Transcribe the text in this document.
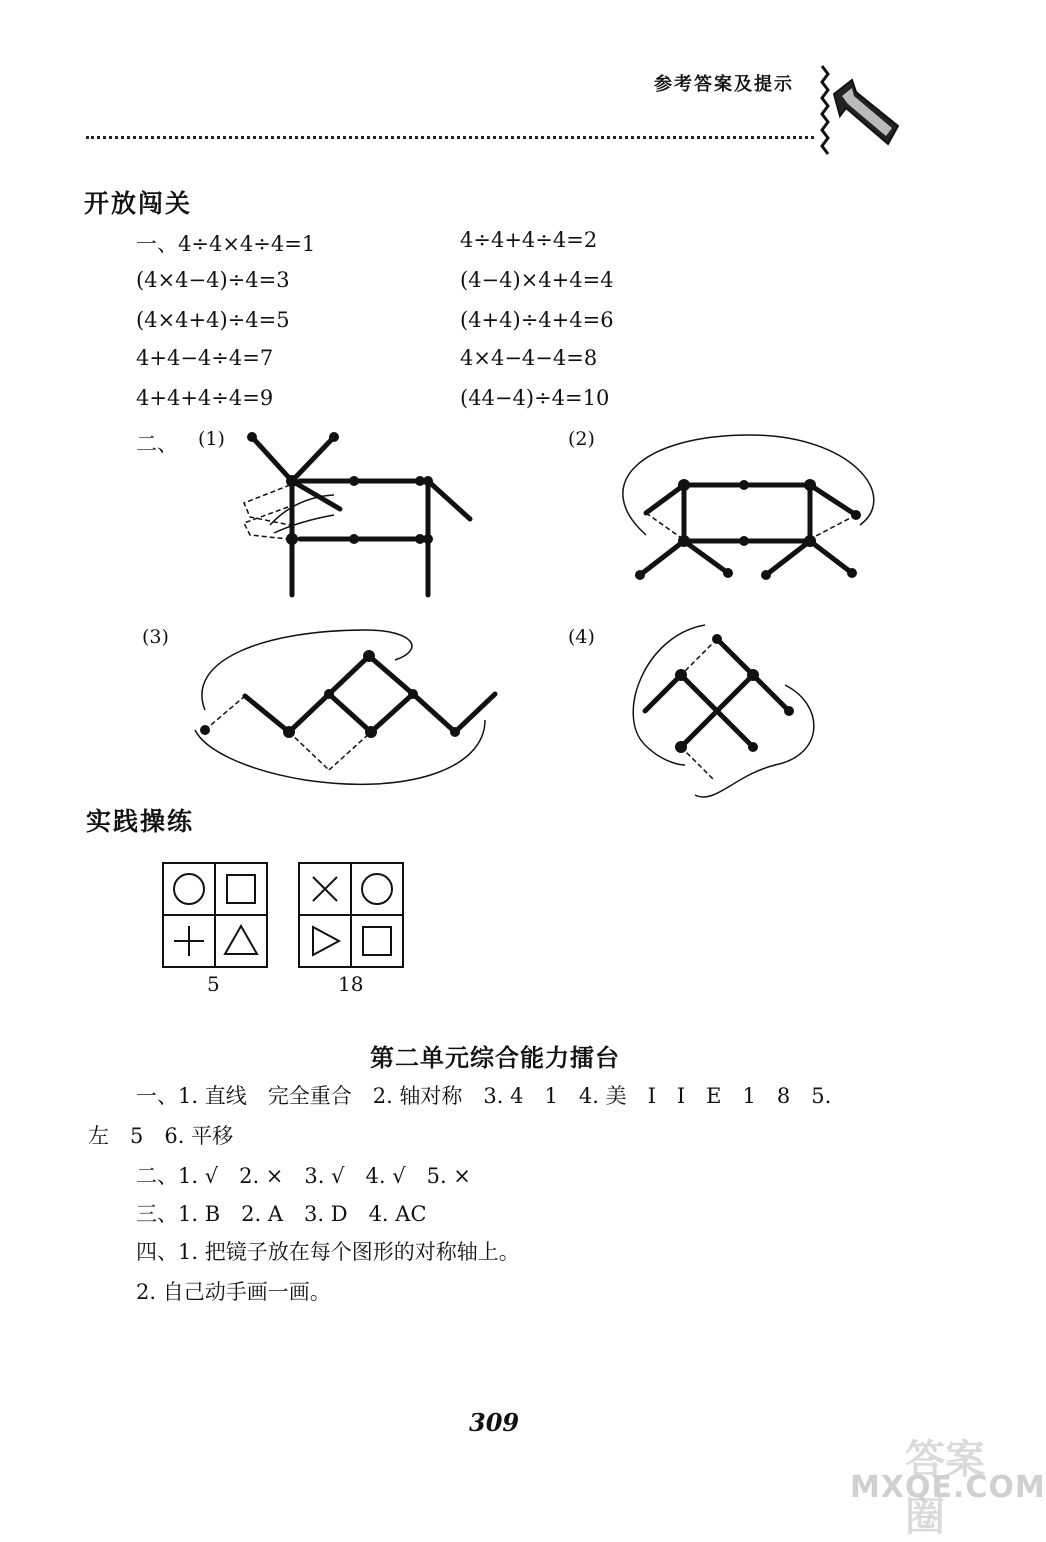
参考答案及提示
开放闯关
一、4÷4×4÷4=1	4÷4+4÷4=2
(4×4−4)÷4=3	(4−4)×4+4=4
(4×4+4)÷4=5	(4+4)÷4+4=6
4+4−4÷4=7	4×4−4−4=8
4+4+4÷4=9	(44−4)÷4=10
二、 (1)	(2)
(3)	(4)
实践操练
5	18
第二单元综合能力擂台
一、1. 直线　完全重合　2. 轴对称　3. 4　1　4. 美　I　I　E　1　8　5.
左　5　6. 平移
二、1. √　2. ×　3. √　4. √　5. ×
三、1. B　2. A　3. D　4. AC
四、1. 把镜子放在每个图形的对称轴上。
2. 自己动手画一画。
309
答案圈
MXQE.COM
